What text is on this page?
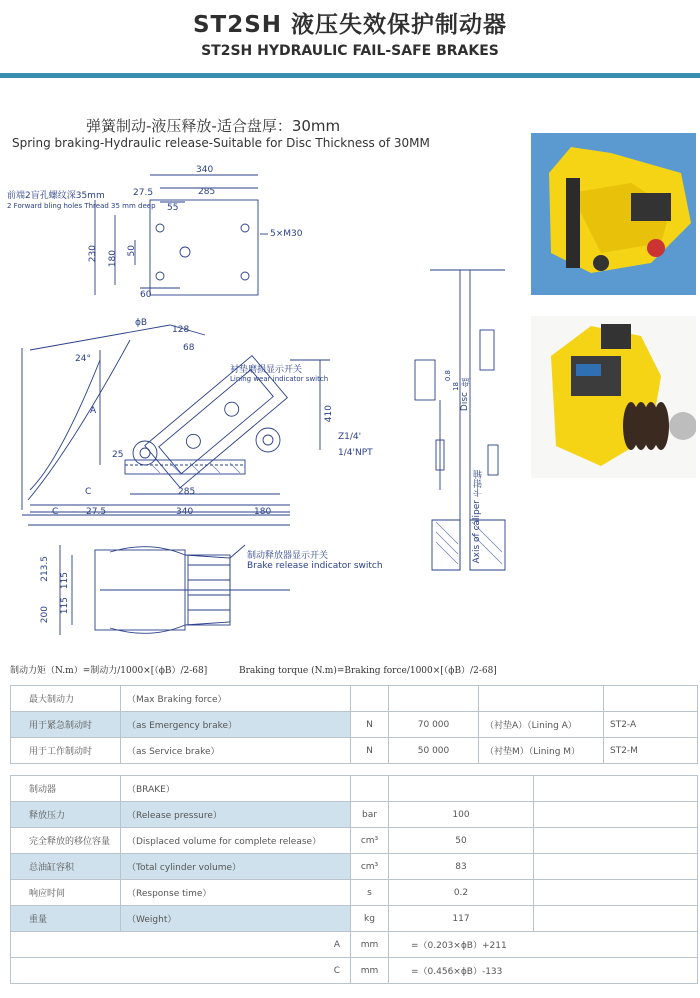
ST2SH 液压失效保护制动器
ST2SH HYDRAULIC FAIL-SAFE BRAKES
弹簧制动-液压释放-适合盘厚：30mm
Spring braking-Hydraulic release-Suitable for Disc Thickness of 30MM
前端2盲孔螺纹深35mm
2 Forward bling holes Thread 35 mm deep
340
27.5	285
55
5×M30
230 180 50
60
ϕB
128
68
24°
A
25
衬垫磨损显示开关
Lining wear indicator switch
410
Z1/4'
1/4'NPT
C	285
C - 27.5	340	180
制动释放器显示开关
Brake release indicator switch
213.5 115
115
200
盘
Disc
卡钳轴
Axis of caliper
0.8
18
制动力矩（N.m）=制动力/1000×[（ϕB）/2-68]	Braking torque (N.m)=Braking force/1000×[（ϕB）/2-68]
最大制动力	（Max Braking force）				
用于紧急制动时	（as Emergency brake）	N	70 000	（衬垫A）（Lining A）	ST2-A
用于工作制动时	（as Service brake）	N	50 000	（衬垫M）（Lining M）	ST2-M
制动器	（BRAKE）			
释放压力	（Release pressure）	bar	100	
完全释放的移位容量	（Displaced volume for complete release）	cm³	50	
总油缸容积	（Total cylinder volume）	cm³	83	
响应时间	（Response time）	s	0.2	
重量	（Weight）	kg	117	
A		mm	=（0.203×ϕB）+211	
C		mm	=（0.456×ϕB）-133	
